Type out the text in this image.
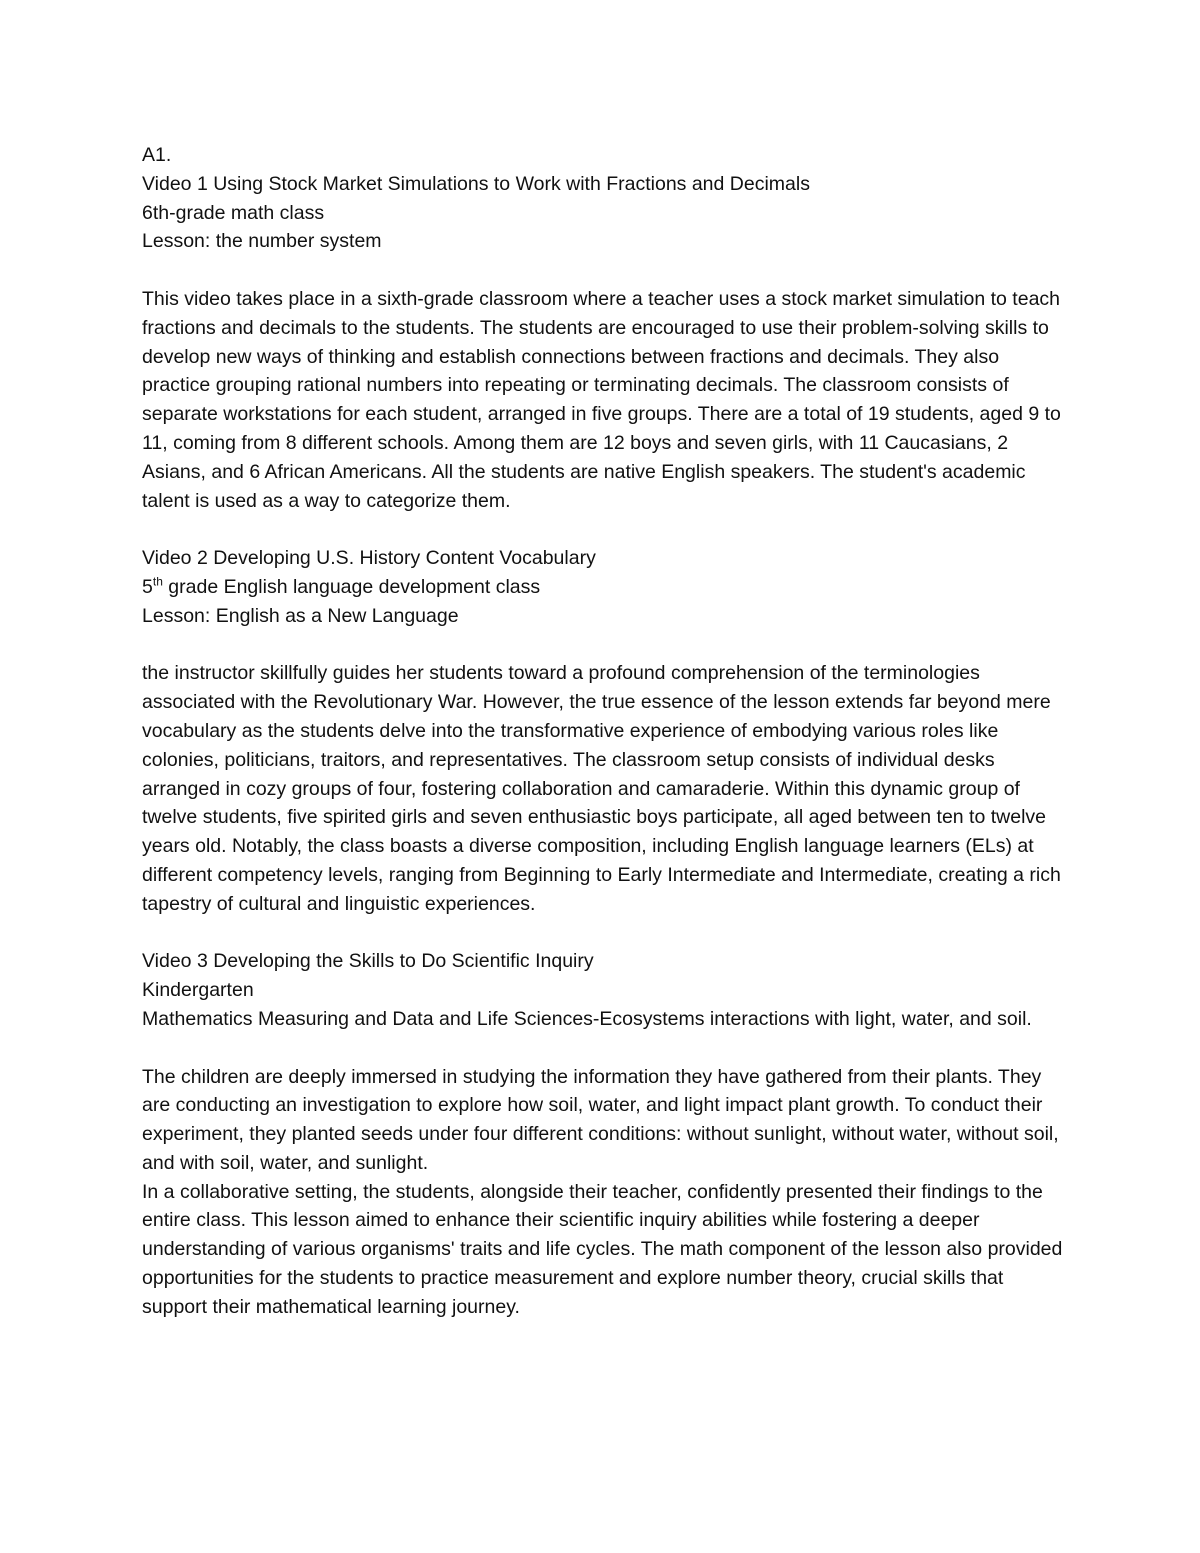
A1.
Video 1 Using Stock Market Simulations to Work with Fractions and Decimals
6th-grade math class
Lesson: the number system

This video takes place in a sixth-grade classroom where a teacher uses a stock market simulation to teach fractions and decimals to the students. The students are encouraged to use their problem-solving skills to develop new ways of thinking and establish connections between fractions and decimals. They also practice grouping rational numbers into repeating or terminating decimals. The classroom consists of separate workstations for each student, arranged in five groups. There are a total of 19 students, aged 9 to 11, coming from 8 different schools. Among them are 12 boys and seven girls, with 11 Caucasians, 2 Asians, and 6 African Americans. All the students are native English speakers. The student's academic talent is used as a way to categorize them.

Video 2 Developing U.S. History Content Vocabulary
5th grade English language development class
Lesson: English as a New Language

the instructor skillfully guides her students toward a profound comprehension of the terminologies associated with the Revolutionary War. However, the true essence of the lesson extends far beyond mere vocabulary as the students delve into the transformative experience of embodying various roles like colonies, politicians, traitors, and representatives. The classroom setup consists of individual desks arranged in cozy groups of four, fostering collaboration and camaraderie. Within this dynamic group of twelve students, five spirited girls and seven enthusiastic boys participate, all aged between ten to twelve years old. Notably, the class boasts a diverse composition, including English language learners (ELs) at different competency levels, ranging from Beginning to Early Intermediate and Intermediate, creating a rich tapestry of cultural and linguistic experiences.

Video 3 Developing the Skills to Do Scientific Inquiry
Kindergarten

Mathematics Measuring and Data and Life Sciences-Ecosystems interactions with light, water, and soil.

The children are deeply immersed in studying the information they have gathered from their plants. They are conducting an investigation to explore how soil, water, and light impact plant growth. To conduct their experiment, they planted seeds under four different conditions: without sunlight, without water, without soil, and with soil, water, and sunlight.

In a collaborative setting, the students, alongside their teacher, confidently presented their findings to the entire class. This lesson aimed to enhance their scientific inquiry abilities while fostering a deeper understanding of various organisms' traits and life cycles. The math component of the lesson also provided opportunities for the students to practice measurement and explore number theory, crucial skills that support their mathematical learning journey.
